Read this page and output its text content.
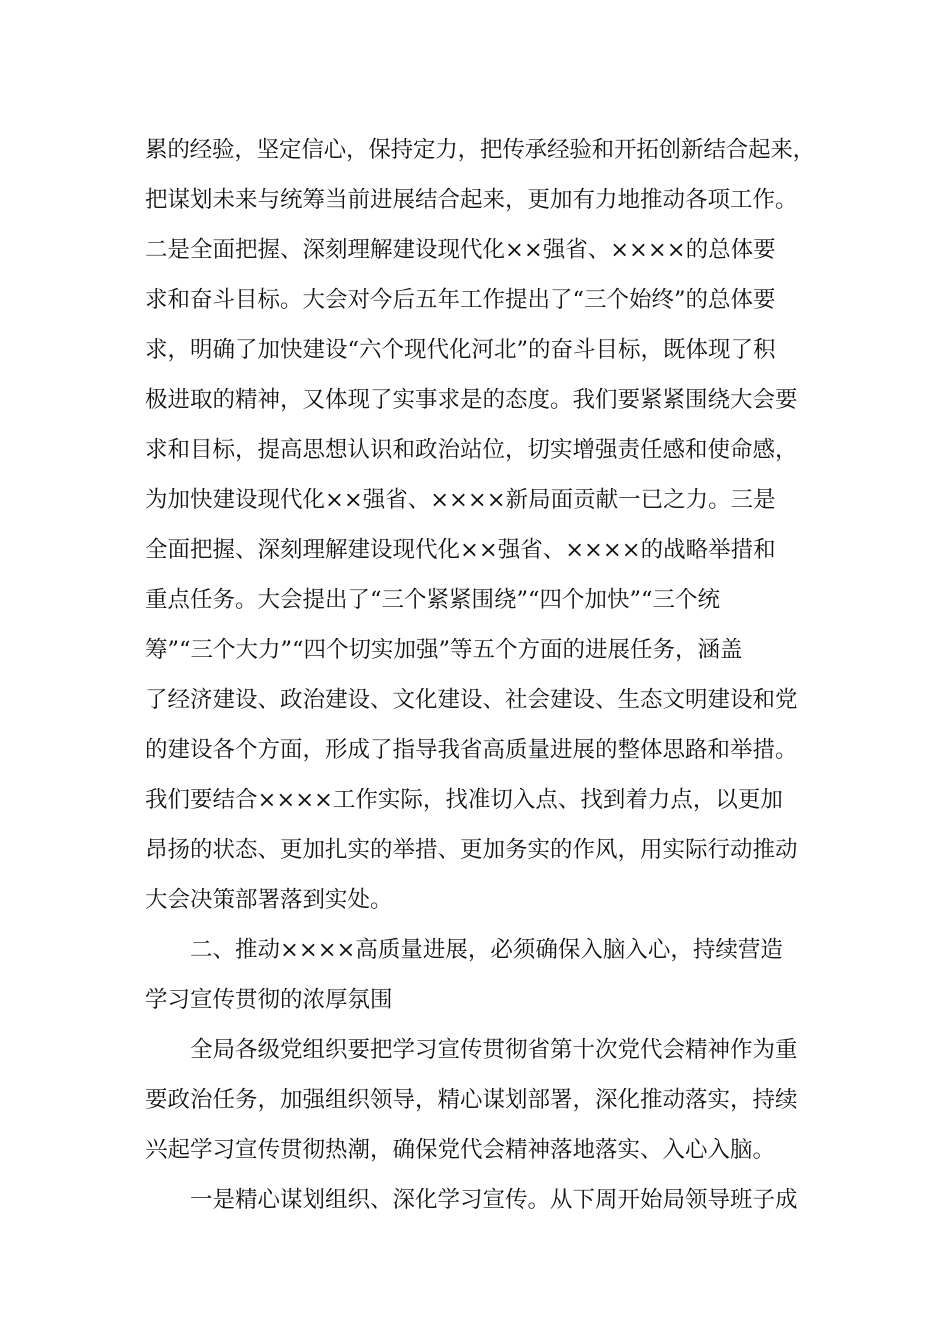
累的经验，坚定信心，保持定力，把传承经验和开拓创新结合起来，
把谋划未来与统筹当前进展结合起来，更加有力地推动各项工作。
二是全面把握、深刻理解建设现代化××强省、××××的总体要
求和奋斗目标。大会对今后五年工作提出了“三个始终”的总体要
求，明确了加快建设“六个现代化河北”的奋斗目标，既体现了积
极进取的精神，又体现了实事求是的态度。我们要紧紧围绕大会要
求和目标，提高思想认识和政治站位，切实增强责任感和使命感，
为加快建设现代化××强省、××××新局面贡献一已之力。三是
全面把握、深刻理解建设现代化××强省、××××的战略举措和
重点任务。大会提出了“三个紧紧围绕”“四个加快”“三个统
筹”“三个大力”“四个切实加强”等五个方面的进展任务，涵盖
了经济建设、政治建设、文化建设、社会建设、生态文明建设和党
的建设各个方面，形成了指导我省高质量进展的整体思路和举措。
我们要结合××××工作实际，找准切入点、找到着力点，以更加
昂扬的状态、更加扎实的举措、更加务实的作风，用实际行动推动
大会决策部署落到实处。
二、推动××××高质量进展，必须确保入脑入心，持续营造
学习宣传贯彻的浓厚氛围
全局各级党组织要把学习宣传贯彻省第十次党代会精神作为重
要政治任务，加强组织领导，精心谋划部署，深化推动落实，持续
兴起学习宣传贯彻热潮，确保党代会精神落地落实、入心入脑。
一是精心谋划组织、深化学习宣传。从下周开始局领导班子成
